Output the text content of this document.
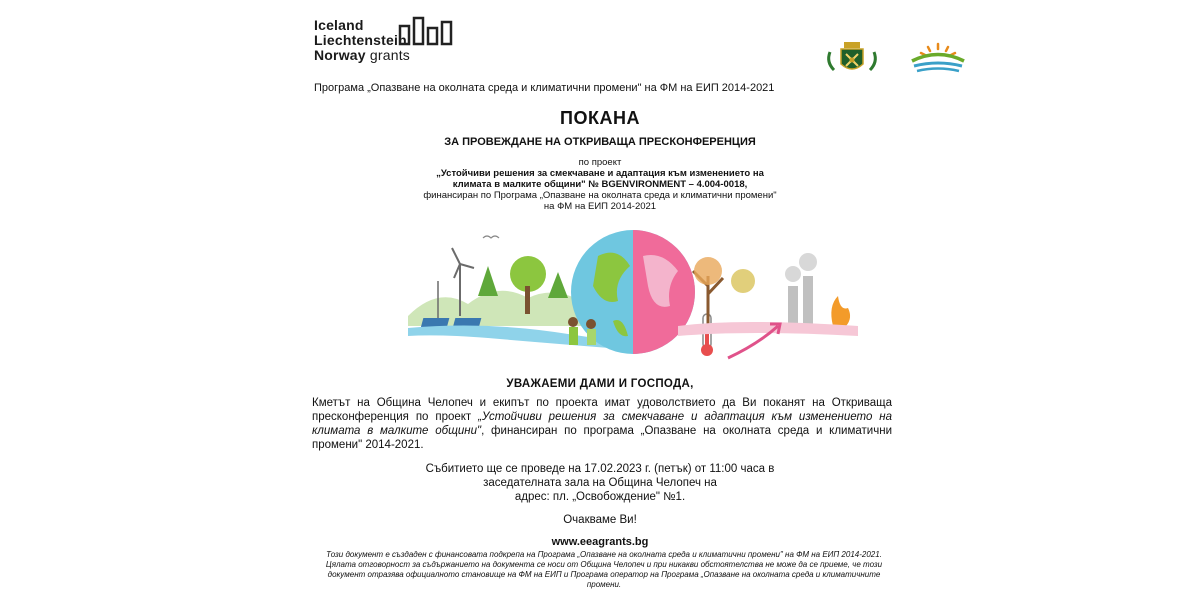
Iceland
Liechtenstein
Norway grants
Програма „Опазване на околната среда и климатични промени" на ФМ на ЕИП 2014-2021
ПОКАНА
ЗА ПРОВЕЖДАНЕ НА ОТКРИВАЩА ПРЕСКОНФЕРЕНЦИЯ
по проект
„Устойчиви решения за смекчаване и адаптация към изменението на
климата в малките общини" № BGENVIRONMENT – 4.004-0018,
финансиран по Програма „Опазване на околната среда и климатични промени"
на ФМ на ЕИП 2014-2021
УВАЖАЕМИ ДАМИ И ГОСПОДА,
Кметът на Община Челопеч и екипът по проекта имат удоволствието да Ви поканят на Откриваща пресконференция по проект „Устойчиви решения за смекчаване и адаптация към изменението на климата в малките общини", финансиран по програма „Опазване на околната среда и климатични промени" 2014-2021.
Събитието ще се проведе на 17.02.2023 г. (петък) от 11:00 часа в
заседателната зала на Община Челопеч на
адрес: пл. „Освобождение" №1.
Очакваме Ви!
www.eeagrants.bg
Този документ е създаден с финансовата подкрепа на Програма „Опазване на околната среда и климатични промени" на ФМ на ЕИП 2014-2021. Цялата отговорност за съдържанието на документа се носи от Община Челопеч и при никакви обстоятелства не може да се приеме, че този документ отразява официалното становище на ФМ на ЕИП и Програма оператор на Програма „Опазване на околната среда и климатичните промени.
